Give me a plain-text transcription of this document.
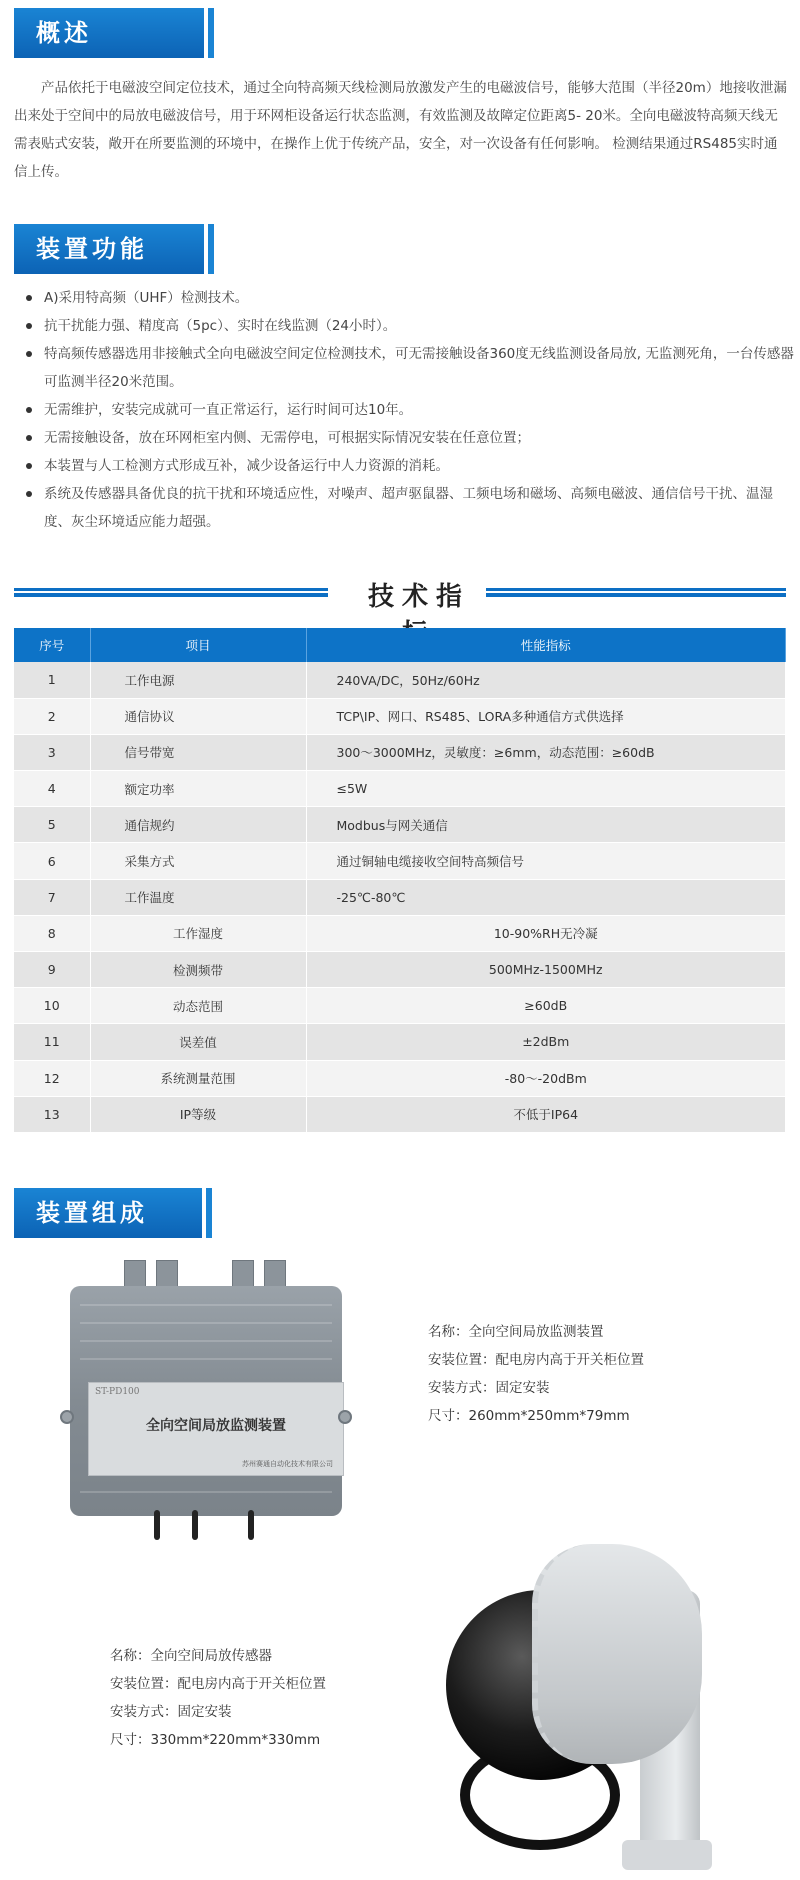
概述

产品依托于电磁波空间定位技术，通过全向特高频天线检测局放激发产生的电磁波信号，能够大范围（半径20m）地接收泄漏出来处于空间中的局放电磁波信号，用于环网柜设备运行状态监测，有效监测及故障定位距离5- 20米。全向电磁波特高频天线无需表贴式安装，敞开在所要监测的环境中，在操作上优于传统产品，安全，对一次设备有任何影响。 检测结果通过RS485实时通信上传。

装置功能
A)采用特高频（UHF）检测技术。
抗干扰能力强、精度高（5pc）、实时在线监测（24小时）。
特高频传感器选用非接触式全向电磁波空间定位检测技术，可无需接触设备360度无线监测设备局放, 无监测死角，一台传感器可监测半径20米范围。
无需维护，安装完成就可一直正常运行，运行时间可达10年。
无需接触设备，放在环网柜室内侧、无需停电，可根据实际情况安装在任意位置；
本装置与人工检测方式形成互补，减少设备运行中人力资源的消耗。
系统及传感器具备优良的抗干扰和环境适应性，对噪声、超声驱鼠器、工频电场和磁场、高频电磁波、通信信号干扰、温湿度、灰尘环境适应能力超强。
技术指
序号	项目	性能指标
1	工作电源	240VA/DC，50Hz/60Hz
2	通信协议	TCP\IP、网口、RS485、LORA多种通信方式供选择
3	信号带宽	300～3000MHz，灵敏度：≥6mm，动态范围：≥60dB
4	额定功率	≤5W
5	通信规约	Modbus与网关通信
6	采集方式	通过铜轴电缆接收空间特高频信号
7	工作温度	-25℃-80℃
8	工作湿度	10-90%RH无冷凝
9	检测频带	500MHz-1500MHz
10	动态范围	≥60dB
11	误差值	±2dBm
12	系统测量范围	-80～-20dBm
13	IP等级	不低于IP64
装置组成
ST-PD100
全向空间局放监测装置
苏州赛通自动化技术有限公司
名称：全向空间局放监测装置
安装位置：配电房内高于开关柜位置
安装方式：固定安装
尺寸：260mm*250mm*79mm
名称：全向空间局放传感器
安装位置：配电房内高于开关柜位置
安装方式：固定安装
尺寸：330mm*220mm*330mm
